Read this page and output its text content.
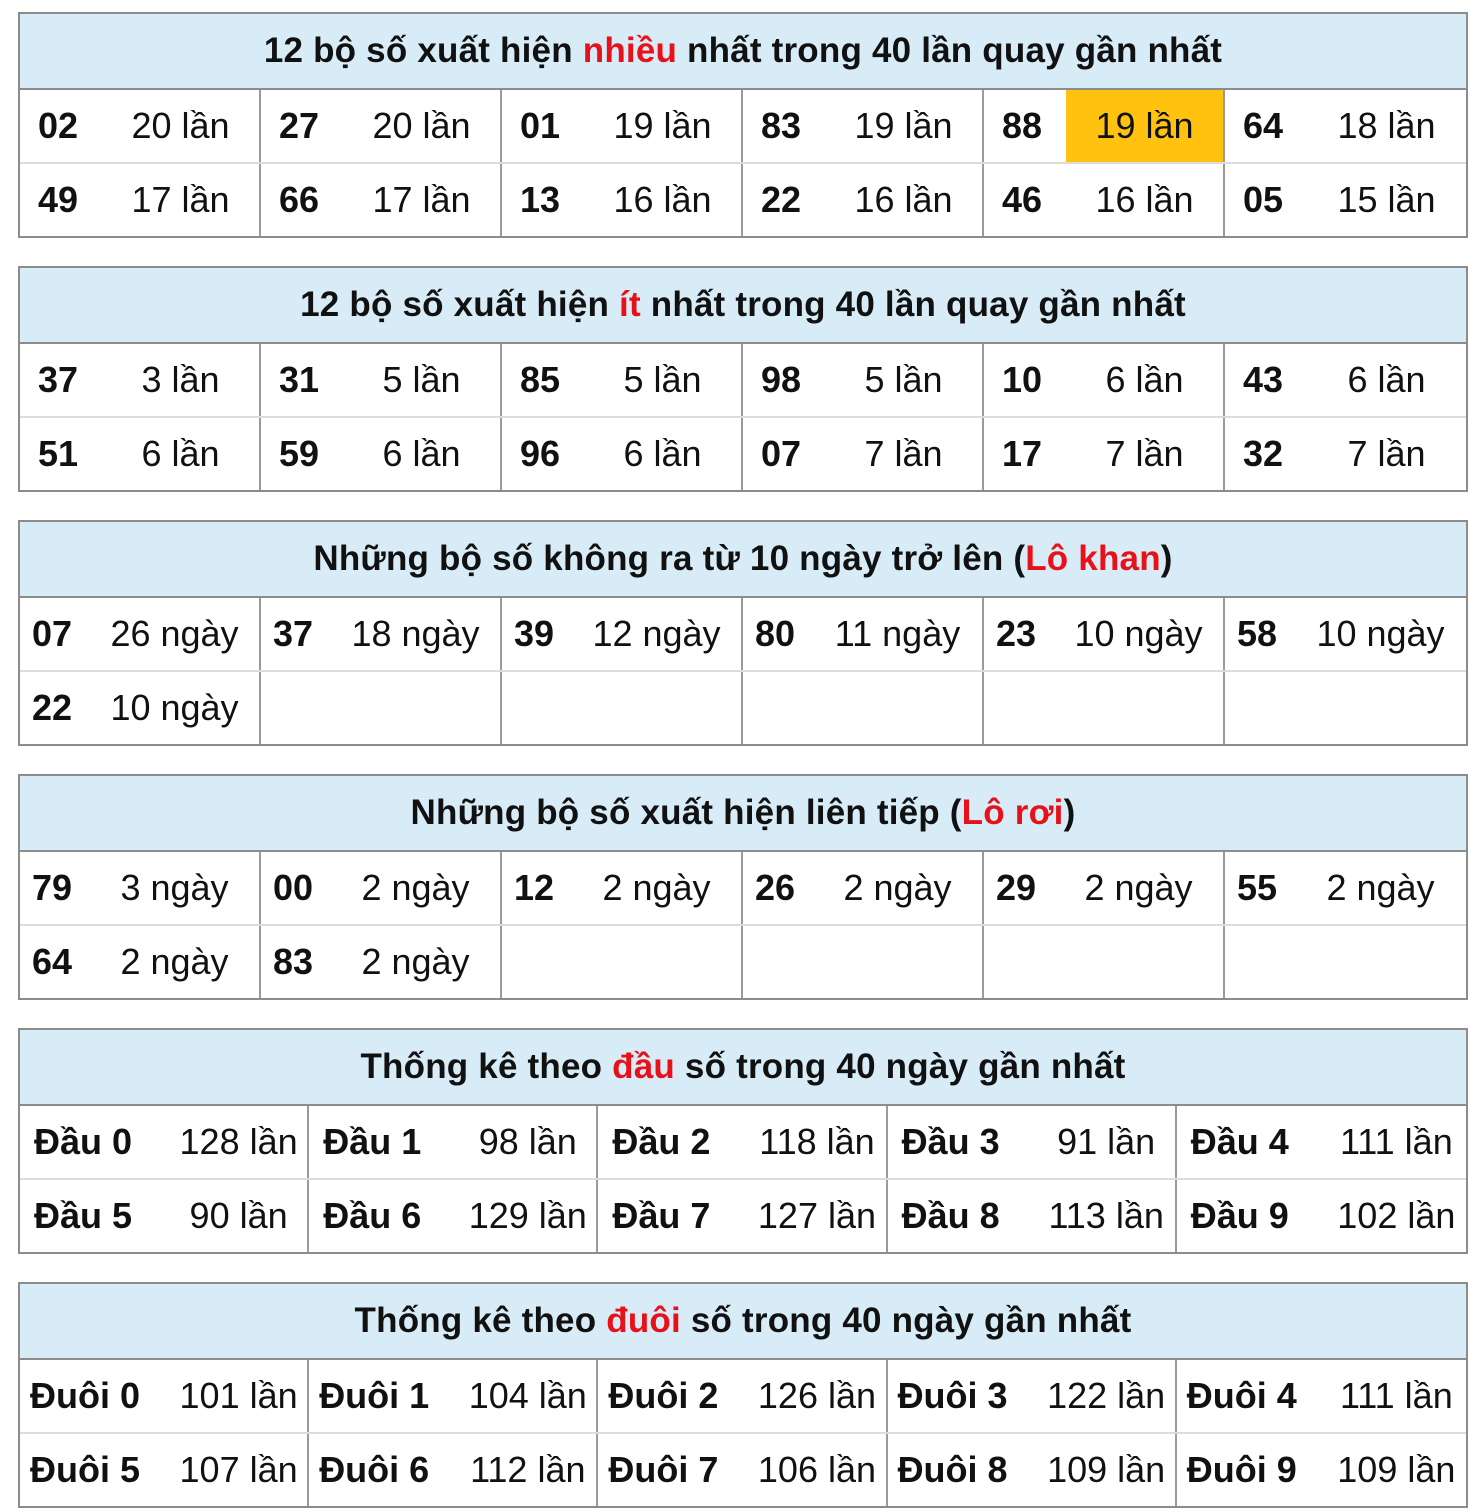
12 bộ số xuất hiện
nhiều
nhất trong 40 lần quay gần nhất
02	20 lần	27	20 lần	01	19 lần	83	19 lần	88	19 lần	64	18 lần
49	17 lần	66	17 lần	13	16 lần	22	16 lần	46	16 lần	05	15 lần
12 bộ số xuất hiện
ít
nhất trong 40 lần quay gần nhất
37	3 lần	31	5 lần	85	5 lần	98	5 lần	10	6 lần	43	6 lần
51	6 lần	59	6 lần	96	6 lần	07	7 lần	17	7 lần	32	7 lần
Những bộ số không ra từ 10 ngày trở lên ( Lô khan )
07	26 ngày 37	18 ngày 39	12 ngày 80	11 ngày 23	10 ngày 58	10 ngày
22	10 ngày
Những bộ số xuất hiện liên tiếp ( Lô rơi )
79	3 ngày	00	2 ngày	12	2 ngày	26	2 ngày	29	2 ngày	55	2 ngày
64	2 ngày	83	2 ngày
Thống kê theo
đầu
số trong 40 ngày gần nhất
Đầu 0	128 lần Đầu 1	98 lần Đầu 2	118 lần Đầu 3	91 lần Đầu 4	111 lần
Đầu 5	90 lần Đầu 6	129 lần Đầu 7	127 lần Đầu 8	113 lần Đầu 9	102 lần
Thống kê theo
đuôi
số trong 40 ngày gần nhất
Đuôi 0	101 lần Đuôi 1	104 lần Đuôi 2	126 lần Đuôi 3	122 lần Đuôi 4	111 lần
Đuôi 5	107 lần Đuôi 6	112 lần Đuôi 7	106 lần Đuôi 8	109 lần Đuôi 9	109 lần
